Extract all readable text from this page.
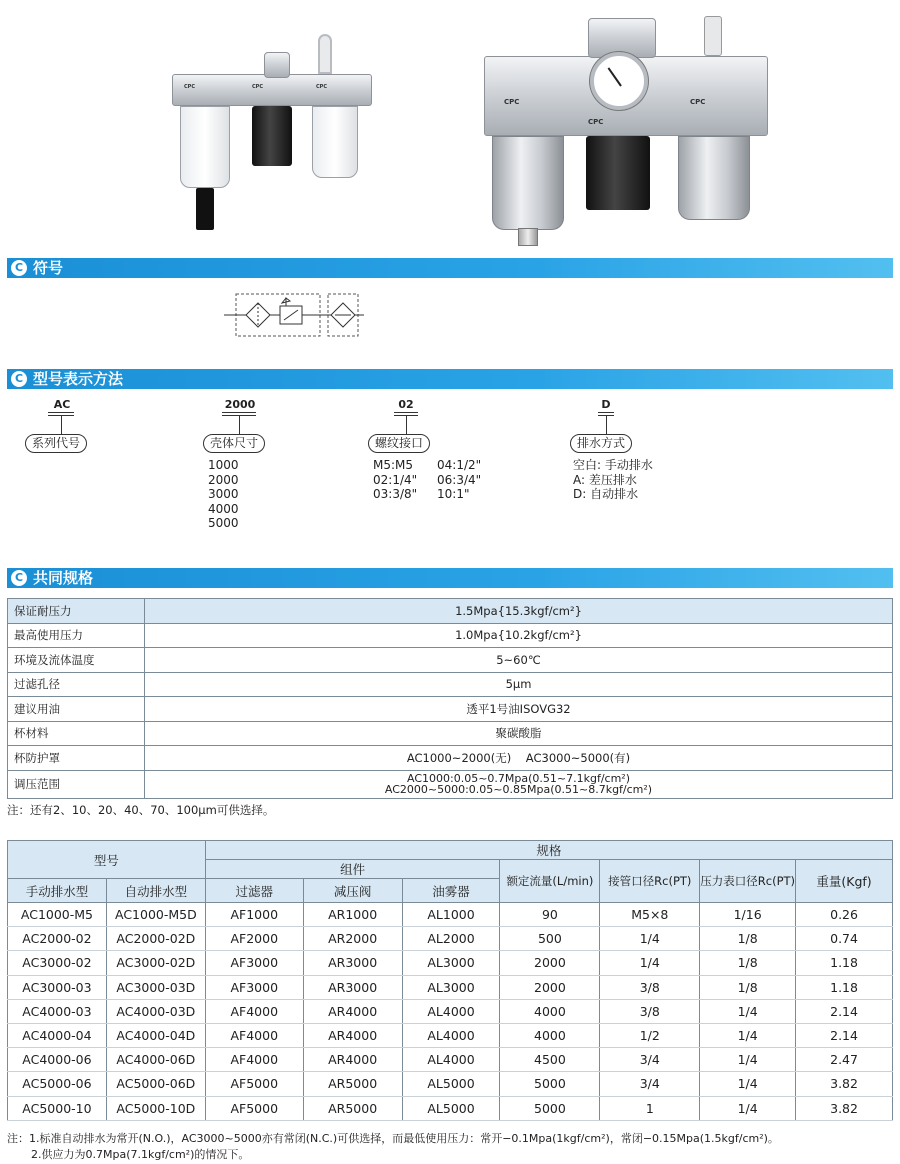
CPC	CPC	CPC
CPC
CPC
CPC
C 符号
C 型号表示方法
AC
系列代号
2000
壳体尺寸
1000
2000
3000
4000
5000
02
螺纹接口
M5:M5
02:1/4"
03:3/8"
04:1/2"
06:3/4"
10:1"
D
排水方式
空白: 手动排水
A: 差压排水
D: 自动排水
C 共同规格
保证耐压力	1.5Mpa{15.3kgf/cm²}
最高使用压力	1.0Mpa{10.2kgf/cm²}
环境及流体温度	5~60℃
过滤孔径	5μm
建议用油	透平1号油ISOVG32
杯材料	聚碳酸脂
杯防护罩	AC1000~2000(无)    AC3000~5000(有)
调压范围	AC1000:0.05~0.7Mpa(0.51~7.1kgf/cm²)
AC2000~5000:0.05~0.85Mpa(0.51~8.7kgf/cm²)
注：还有2、10、20、40、70、100μm可供选择。
型号		规格						
		组件			额定流量(L/min)	接管口径Rc(PT)	压力表口径Rc(PT)	重量(Kgf)
手动排水型	自动排水型	过滤器	减压阀	油雾器				
AC1000-M5	AC1000-M5D	AF1000	AR1000	AL1000	90	M5×8	1/16	0.26
AC2000-02	AC2000-02D	AF2000	AR2000	AL2000	500	1/4	1/8	0.74
AC3000-02	AC3000-02D	AF3000	AR3000	AL3000	2000	1/4	1/8	1.18
AC3000-03	AC3000-03D	AF3000	AR3000	AL3000	2000	3/8	1/8	1.18
AC4000-03	AC4000-03D	AF4000	AR4000	AL4000	4000	3/8	1/4	2.14
AC4000-04	AC4000-04D	AF4000	AR4000	AL4000	4000	1/2	1/4	2.14
AC4000-06	AC4000-06D	AF4000	AR4000	AL4000	4500	3/4	1/4	2.47
AC5000-06	AC5000-06D	AF5000	AR5000	AL5000	5000	3/4	1/4	3.82
AC5000-10	AC5000-10D	AF5000	AR5000	AL5000	5000	1	1/4	3.82
注：1.标准自动排水为常开(N.O.)，AC3000~5000亦有常闭(N.C.)可供选择，而最低使用压力：常开−0.1Mpa(1kgf/cm²)，常闭−0.15Mpa(1.5kgf/cm²)。
2.供应力为0.7Mpa(7.1kgf/cm²)的情况下。
